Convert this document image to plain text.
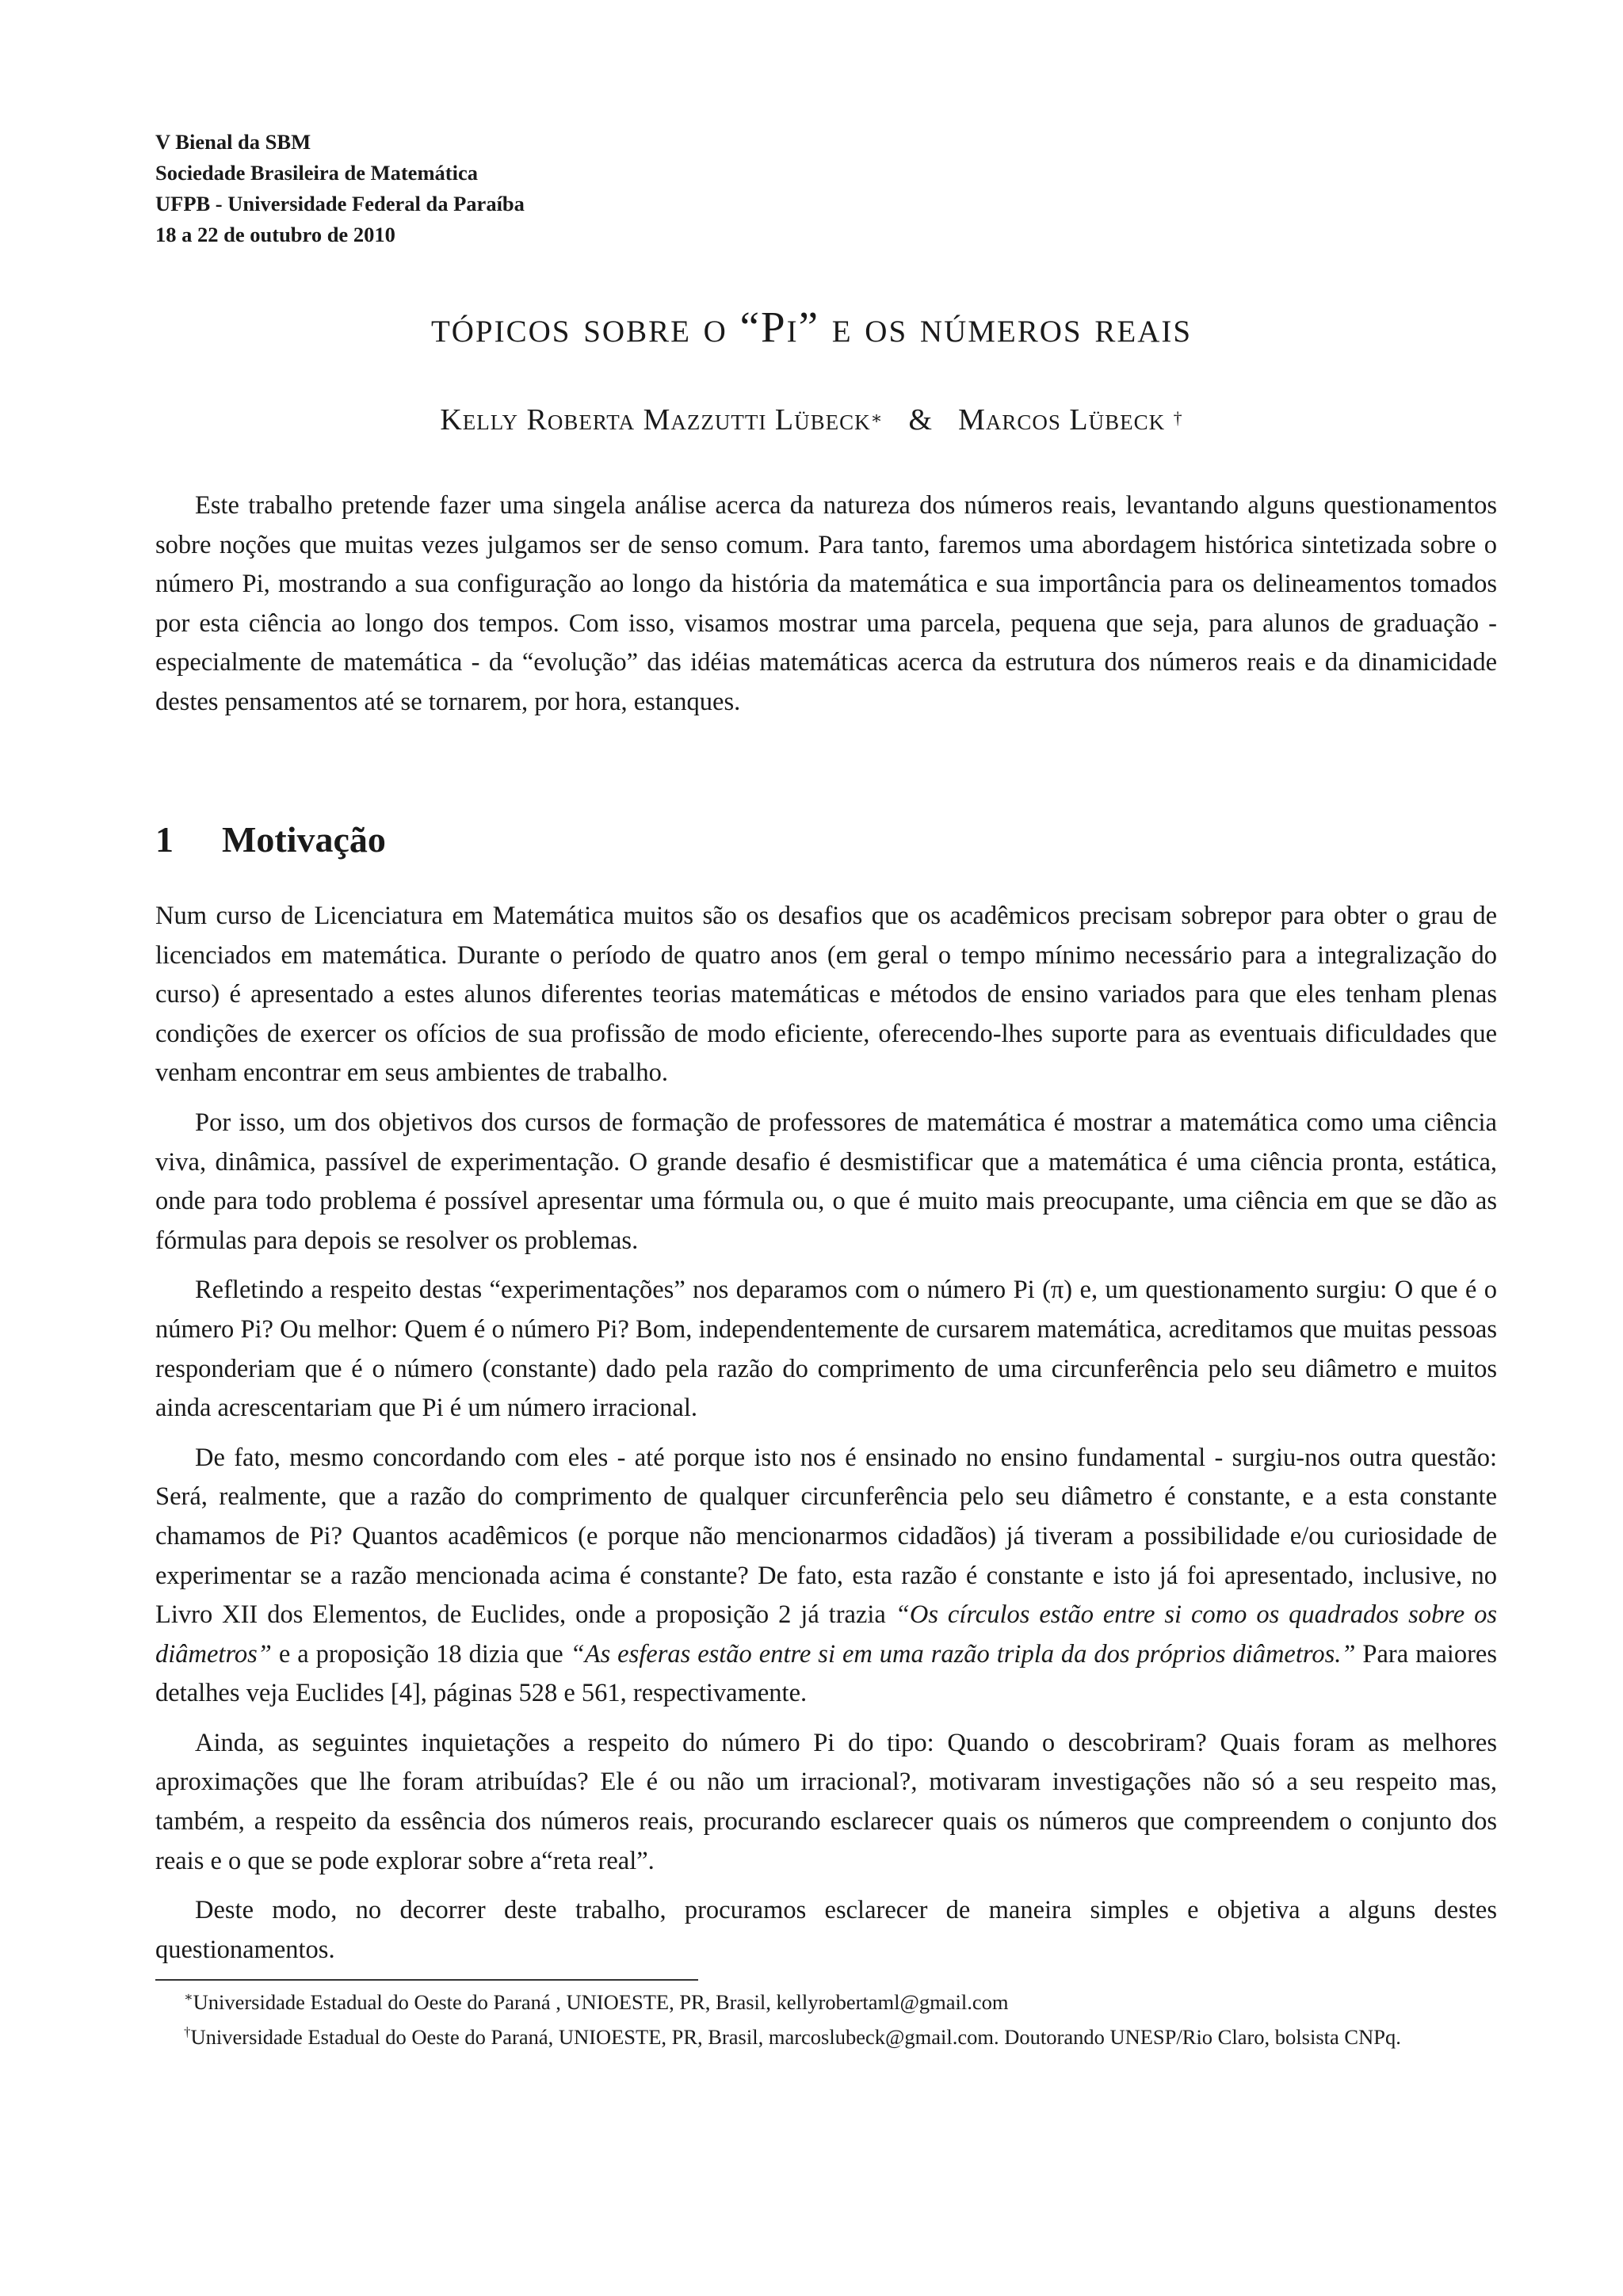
V Bienal da SBM
Sociedade Brasileira de Matemática
UFPB - Universidade Federal da Paraíba
18 a 22 de outubro de 2010
tópicos sobre o “Pi” e os números reais
Kelly Roberta Mazzutti Lübeck∗ & Marcos Lübeck †

Este trabalho pretende fazer uma singela análise acerca da natureza dos números reais, levantando alguns questionamentos sobre noções que muitas vezes julgamos ser de senso comum. Para tanto, faremos uma abordagem histórica sintetizada sobre o número Pi, mostrando a sua configuração ao longo da história da matemática e sua importância para os delineamentos tomados por esta ciência ao longo dos tempos. Com isso, visamos mostrar uma parcela, pequena que seja, para alunos de graduação - especialmente de matemática - da “evolução” das idéias matemáticas acerca da estrutura dos números reais e da dinamicidade destes pensamentos até se tornarem, por hora, estanques.

1 Motivação

Num curso de Licenciatura em Matemática muitos são os desafios que os acadêmicos precisam sobrepor para obter o grau de licenciados em matemática. Durante o período de quatro anos (em geral o tempo mínimo necessário para a integralização do curso) é apresentado a estes alunos diferentes teorias matemáticas e métodos de ensino variados para que eles tenham plenas condições de exercer os ofícios de sua profissão de modo eficiente, oferecendo-lhes suporte para as eventuais dificuldades que venham encontrar em seus ambientes de trabalho.

Por isso, um dos objetivos dos cursos de formação de professores de matemática é mostrar a matemática como uma ciência viva, dinâmica, passível de experimentação. O grande desafio é desmistificar que a matemática é uma ciência pronta, estática, onde para todo problema é possível apresentar uma fórmula ou, o que é muito mais preocupante, uma ciência em que se dão as fórmulas para depois se resolver os problemas.

Refletindo a respeito destas “experimentações” nos deparamos com o número Pi (π) e, um questionamento surgiu: O que é o número Pi? Ou melhor: Quem é o número Pi? Bom, independentemente de cursarem matemática, acreditamos que muitas pessoas responderiam que é o número (constante) dado pela razão do comprimento de uma circunferência pelo seu diâmetro e muitos ainda acrescentariam que Pi é um número irracional.

De fato, mesmo concordando com eles - até porque isto nos é ensinado no ensino fundamental - surgiu-nos outra questão: Será, realmente, que a razão do comprimento de qualquer circunferência pelo seu diâmetro é constante, e a esta constante chamamos de Pi? Quantos acadêmicos (e porque não mencionarmos cidadãos) já tiveram a possibilidade e/ou curiosidade de experimentar se a razão mencionada acima é constante? De fato, esta razão é constante e isto já foi apresentado, inclusive, no Livro XII dos Elementos, de Euclides, onde a proposição 2 já trazia “Os círculos estão entre si como os quadrados sobre os diâmetros” e a proposição 18 dizia que “As esferas estão entre si em uma razão tripla da dos próprios diâmetros.” Para maiores detalhes veja Euclides [4], páginas 528 e 561, respectivamente.

Ainda, as seguintes inquietações a respeito do número Pi do tipo: Quando o descobriram? Quais foram as melhores aproximações que lhe foram atribuídas? Ele é ou não um irracional?, motivaram investigações não só a seu respeito mas, também, a respeito da essência dos números reais, procurando esclarecer quais os números que compreendem o conjunto dos reais e o que se pode explorar sobre a“reta real”.

Deste modo, no decorrer deste trabalho, procuramos esclarecer de maneira simples e objetiva a alguns destes questionamentos.

∗Universidade Estadual do Oeste do Paraná , UNIOESTE, PR, Brasil, kellyrobertaml@gmail.com

†Universidade Estadual do Oeste do Paraná, UNIOESTE, PR, Brasil, marcoslubeck@gmail.com. Doutorando UNESP/Rio Claro, bolsista CNPq.
